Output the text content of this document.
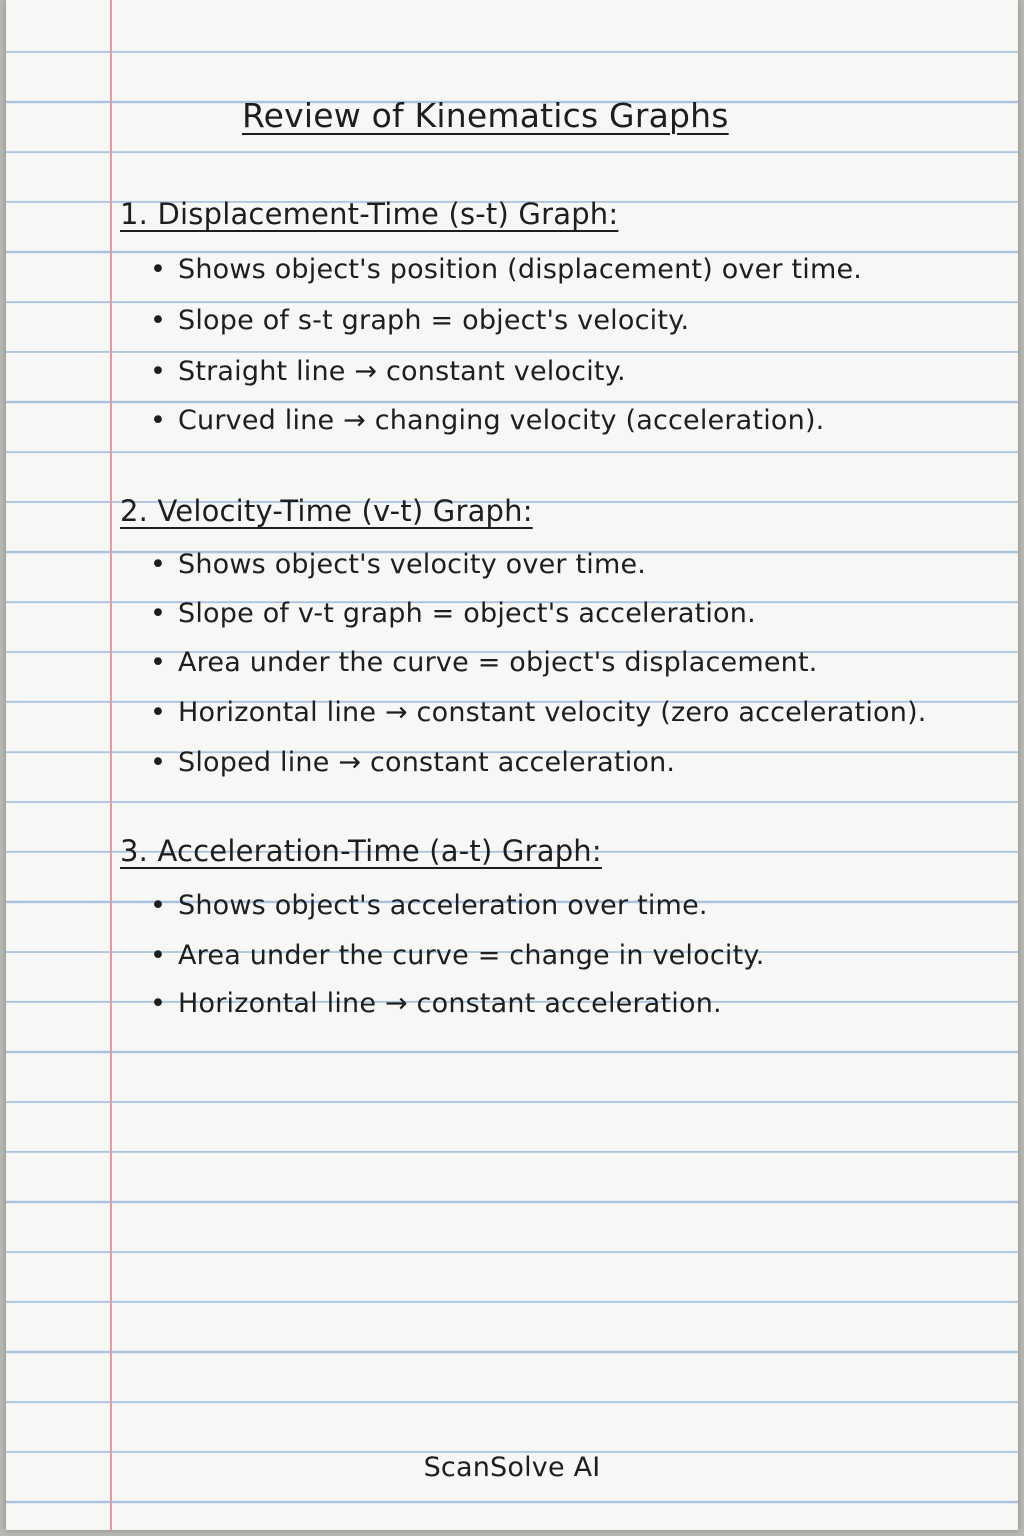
Review of Kinematics Graphs
1. Displacement-Time (s-t) Graph:
• Shows object's position (displacement) over time.
• Slope of s-t graph = object's velocity.
• Straight line → constant velocity.
• Curved line → changing velocity (acceleration).
2. Velocity-Time (v-t) Graph:
• Shows object's velocity over time.
• Slope of v-t graph = object's acceleration.
• Area under the curve = object's displacement.
• Horizontal line → constant velocity (zero acceleration).
• Sloped line → constant acceleration.
3. Acceleration-Time (a-t) Graph:
• Shows object's acceleration over time.
• Area under the curve = change in velocity.
• Horizontal line → constant acceleration.
ScanSolve AI
